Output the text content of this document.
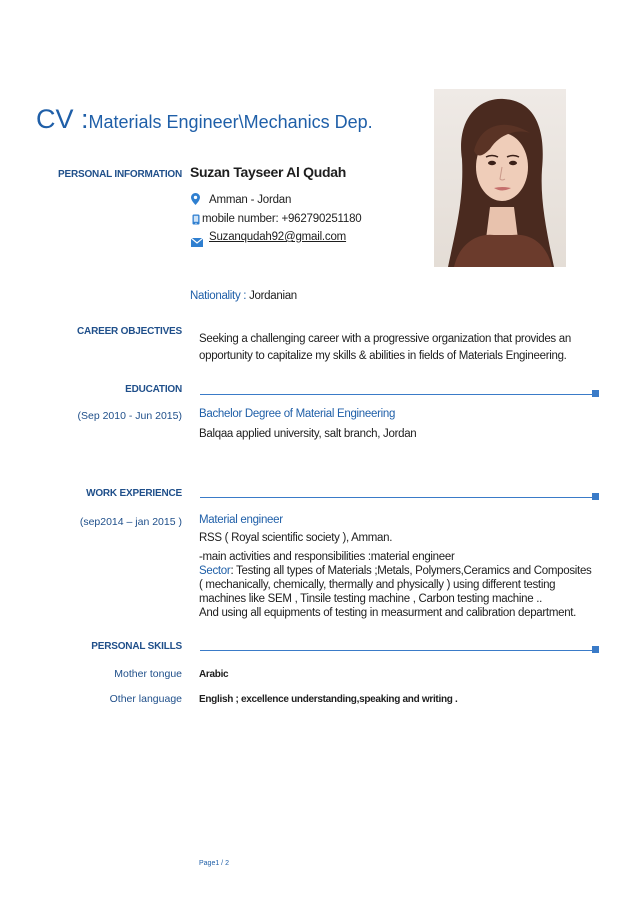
CV :Materials Engineer\Mechanics Dep.
PERSONAL INFORMATION Suzan Tayseer Al Qudah
Amman - Jordan
mobile number: +962790251180
Suzanqudah92@gmail.com
Nationality : Jordanian
CAREER OBJECTIVES
Seeking a challenging career with a progressive organization that provides an
opportunity to capitalize my skills & abilities in fields of Materials Engineering.
EDUCATION
(Sep 2010 - Jun 2015) Bachelor Degree of Material Engineering
Balqaa applied university, salt branch, Jordan
WORK EXPERIENCE
(sep2014 – jan 2015 ) Material engineer
RSS ( Royal scientific society ), Amman.
-main activities and responsibilities :material engineer
Sector: Testing all types of Materials ;Metals, Polymers,Ceramics and Composites
( mechanically, chemically, thermally and physically ) using different testing
machines like SEM , Tinsile testing machine , Carbon testing machine ..
And using all equipments of testing in measurment and calibration department.
PERSONAL SKILLS
Mother tongue Arabic
Other language English ; excellence understanding,speaking and writing .
Page1 / 2
